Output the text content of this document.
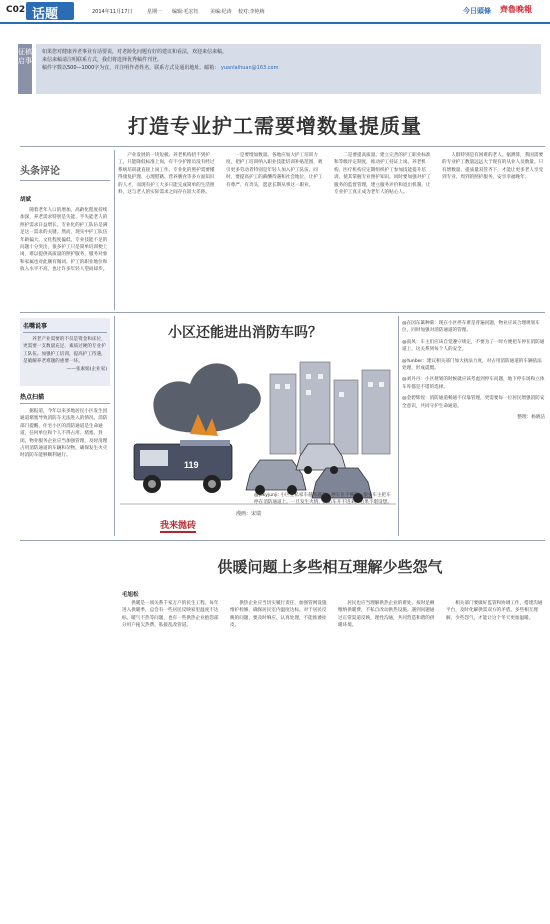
C02 话题	2014年11月17日	星期一 编辑:毛宏钰 美编:纪涛 校对:李艳梅	今日頭條 齊魯晚報
征稿启事
如果您对健康养老事业有话要说，对老龄化问题有好的建议和看法，欢迎来信来稿。
来信来稿请注明联系方式，我们将选择优秀稿件刊登。
稿件字数以500—1000字为宜，并注明作者姓名，联系方式及通讯地址。邮箱： yuanlaihuan@163.com
打造专业护工需要增数量提质量
头条评论
胡斌

随着老年人口的增加，高龄化程度持续加深，养老需求特别是失能、半失能老人的照护需求日益增长。专业化的护工队伍是满足这一需求的关键。然而，现实中护工队伍年龄偏大、文化程度偏低、专业技能不足的问题十分突出，很多护工只是简单培训便上岗，难以提供高质量的照护服务，服务对象和家属也对此颇有微词。护工的职业地位和收入水平不高，也让许多年轻人望而却步。

产业发展的一块短板。养老机构招不到护工，只能降低标准上岗，有不少护理员没有经过系统培训就直接上岗工作。专业化的照护需要懂得康复护理、心理慰藉、营养膳食等多方面知识的人才，而现有护工大多只能完成简单的生活照料，这与老人的实际需求之间存在较大差距。

一是要增加数量。各地应加大护工培训力度，把护工培训纳入职业技能培训补贴范围，吸引更多劳动者特别是年轻人加入护工队伍。同时，要提高护工的薪酬待遇和社会地位，让护工有尊严、有奔头，愿意长期从事这一职业。

二是要提高质量。建立完善的护工职业标准和等级评定制度，推动护工持证上岗。养老机构、医疗机构应定期组织护工参加技能提升培训，使其掌握专业照护知识。同时要加强对护工服务的监督管理，建立服务评价和退出机制，让专业护工真正成为老年人的贴心人。

人群特别是有困难的老人。据测算，我国需要的专业护工数量远远大于现有的从业人员数量。只有增数量、提质量双管齐下，才能让更多老人享受到专业、周到的照护服务，安享幸福晚年。

名嘴说事

养老产业需要的不仅是资金和床位，更需要一支数量充足、素质过硬的专业护工队伍。加强护工培训，提高护工待遇，是破解养老难题的重要一环。

——张素娟(企业家)
热点扫描

据报道，今年以来多地居民小区发生因通道堵塞导致消防车无法进入的情况。消防部门提醒，住宅小区的消防通道是生命通道，任何单位和个人不得占用、堵塞、封闭。物业服务企业应当加强管理，及时清理占用消防通道的车辆和杂物，确保发生火灾时消防车能够顺利通行。

小区还能进出消防车吗？
119
漫画：宋瑞
我来拋砖

@jokyjunji: 小区里私家车越来越多，停车位不够用，很多车主把车停在消防通道上。一旦发生火情，消防车开不进来，后果不堪设想。

@在园东篱种菊：现在小区停车难是普遍问题，物业应该合理规划车位，同时加强对消防通道的管理。

@南风：车主们应该自觉遵守规定，不要为了一时方便把车停在消防通道上，这关系到每个人的安全。

@Yunber：建议相关部门加大执法力度，对占用消防通道的车辆依法处理，形成震慑。

@刘丹丹：小区规划的时候就应该考虑到停车问题，地下停车场和立体车库都是不错的选择。

@金碧辉煌：消防通道畅通不仅靠管理，更需要每一位居民增强消防安全意识，共同守护生命通道。

整理：杨晓洁
供暖问题上多些相互理解少些怨气
毛旭松

供暖是一项关系千家万户的民生工程。每年进入供暖季，总会有一些居民反映家里温度不达标、暖气不热等问题，也有一些供热企业抱怨部分用户拖欠热费、私接乱改管道。

供热企业应当切实履行责任，加强管网设施维护检修，确保居民室内温度达标。对于居民反映的问题，要及时响应、认真处理，不能推诿扯皮。

居民也应当理解供热企业的难处，按时足额缴纳供暖费，不私自改动供热设施。遇到问题通过正常渠道反映，理性沟通，共同营造和谐的供暖环境。

相关部门要做好监管和协调工作，搭建沟通平台，及时化解供需双方的矛盾。多些相互理解，少些怨气，才能让这个冬天更加温暖。
